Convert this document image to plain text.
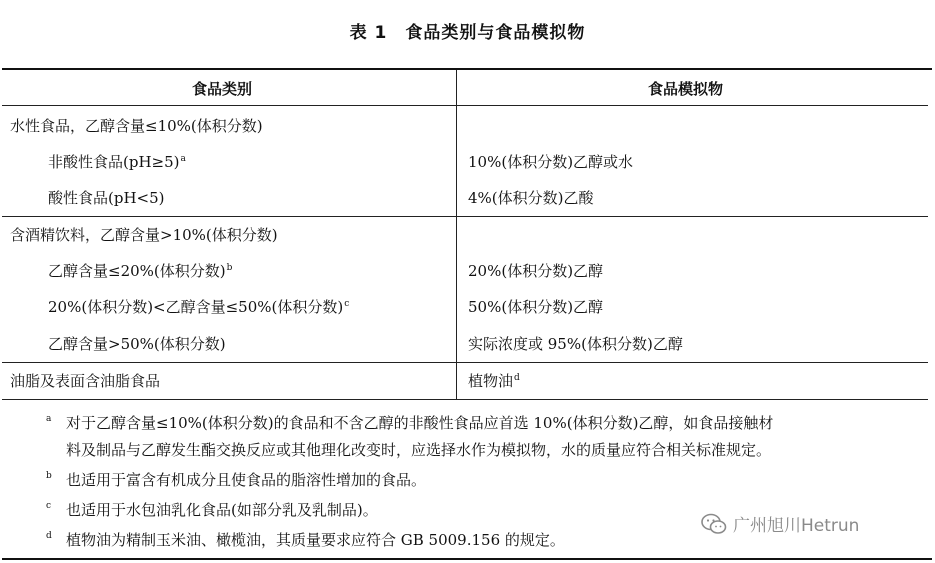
表 1 食品类别与食品模拟物
食品类别	食品模拟物
水性食品，乙醇含量≤10%(体积分数)
非酸性食品(pH≥5)$^a$	10%(体积分数)乙醇或水
酸性食品(pH<5)	4%(体积分数)乙酸
含酒精饮料，乙醇含量>10%(体积分数)
乙醇含量≤20%(体积分数)$^b$	20%(体积分数)乙醇
20%(体积分数)<乙醇含量≤50%(体积分数)$^c$	50%(体积分数)乙醇
乙醇含量>50%(体积分数)	实际浓度或 95%(体积分数)乙醇
油脂及表面含油脂食品	植物油$^d$
a 对于乙醇含量≤10%(体积分数)的食品和不含乙醇的非酸性食品应首选 10%(体积分数)乙醇，如食品接触材
料及制品与乙醇发生酯交换反应或其他理化改变时，应选择水作为模拟物，水的质量应符合相关标准规定。
b 也适用于富含有机成分且使食品的脂溶性增加的食品。
c 也适用于水包油乳化食品(如部分乳及乳制品)。
d 植物油为精制玉米油、橄榄油，其质量要求应符合 GB 5009.156 的规定。
广州旭川Hetrun
